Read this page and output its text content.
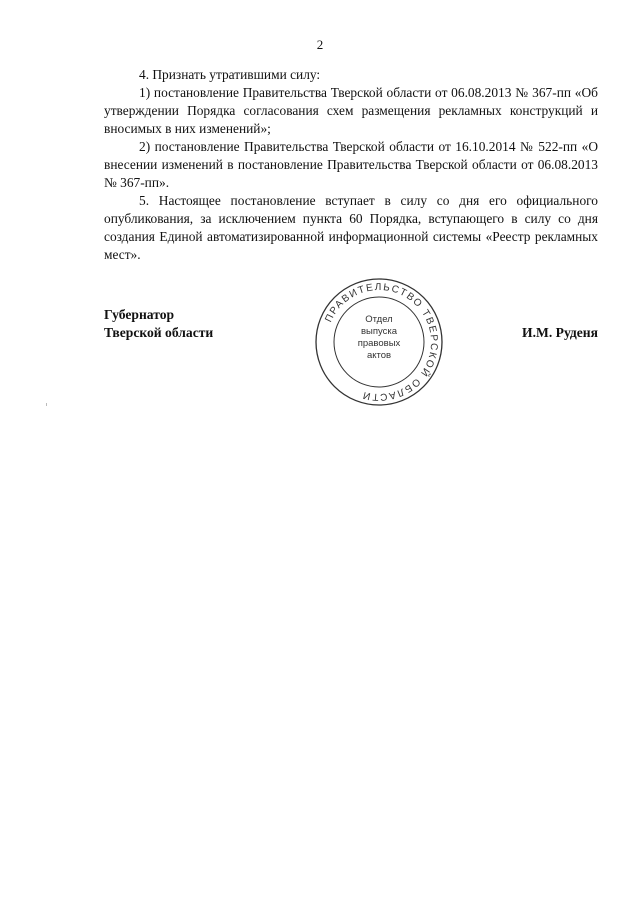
2

4. Признать утратившими силу:

1) постановление Правительства Тверской области от 06.08.2013 № 367-пп «Об утверждении Порядка согласования схем размещения рекламных конструкций и вносимых в них изменений»;

2) постановление Правительства Тверской области от 16.10.2014 № 522-пп «О внесении изменений в постановление Правительства Тверской области от 06.08.2013 № 367-пп».

5. Настоящее постановление вступает в силу со дня его официального опубликования, за исключением пункта 60 Порядка, вступающего в силу со дня создания Единой автоматизированной информационной системы «Реестр рекламных мест».

Губернатор
Тверской области	И.М. Руденя
ПРАВИТЕЛЬСТВО ТВЕРСКОЙ ОБЛАСТИ
Отдел
выпуска
правовых
актов
